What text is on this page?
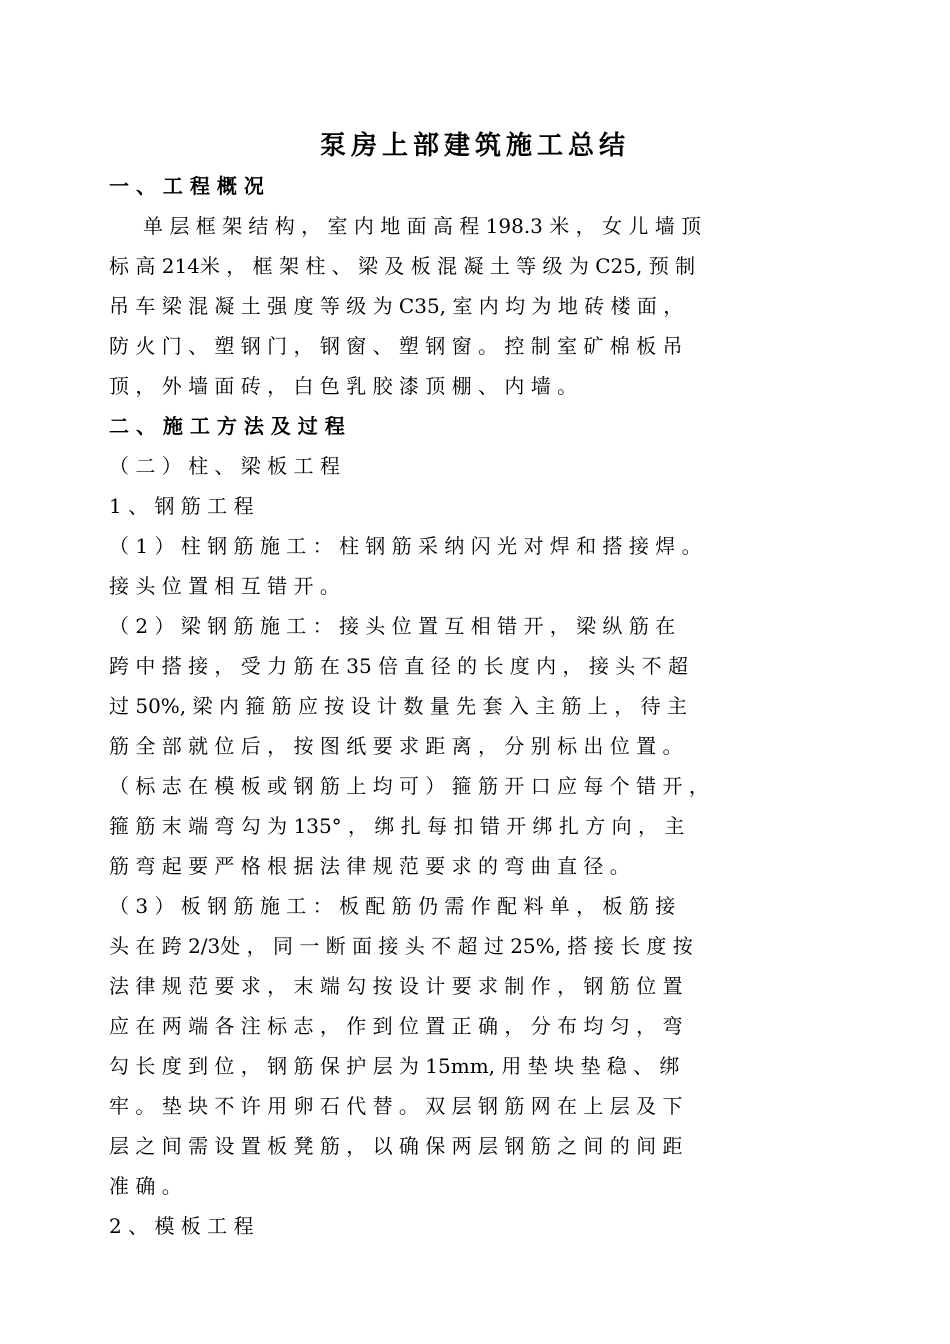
泵房上部建筑施工总结
一 、 工 程 概 况
单 层 框 架 结 构 ， 室 内 地 面 高 程 198.3 米 ， 女 儿 墙 顶
标 高 214米 ， 框 架 柱 、 梁 及 板 混 凝 土 等 级 为 C25, 预 制
吊 车 梁 混 凝 土 强 度 等 级 为 C35, 室 内 均 为 地 砖 楼 面 ，
防 火 门 、 塑 钢 门 ， 钢 窗 、 塑 钢 窗 。 控 制 室 矿 棉 板 吊
顶 ， 外 墙 面 砖 ， 白 色 乳 胶 漆 顶 棚 、 内 墙 。
二 、 施 工 方 法 及 过 程
（ 二 ） 柱 、 梁 板 工 程
1 、 钢 筋 工 程
（ 1 ） 柱 钢 筋 施 工 ： 柱 钢 筋 采 纳 闪 光 对 焊 和 搭 接 焊 。
接 头 位 置 相 互 错 开 。
（ 2 ） 梁 钢 筋 施 工 ： 接 头 位 置 互 相 错 开 ， 梁 纵 筋 在
跨 中 搭 接 ， 受 力 筋 在 35 倍 直 径 的 长 度 内 ， 接 头 不 超
过 50%, 梁 内 箍 筋 应 按 设 计 数 量 先 套 入 主 筋 上 ， 待 主
筋 全 部 就 位 后 ， 按 图 纸 要 求 距 离 ， 分 别 标 出 位 置 。
（ 标 志 在 模 板 或 钢 筋 上 均 可 ） 箍 筋 开 口 应 每 个 错 开 ，
箍 筋 末 端 弯 勾 为 135° ， 绑 扎 每 扣 错 开 绑 扎 方 向 ， 主
筋 弯 起 要 严 格 根 据 法 律 规 范 要 求 的 弯 曲 直 径 。
（ 3 ） 板 钢 筋 施 工 ： 板 配 筋 仍 需 作 配 料 单 ， 板 筋 接
头 在 跨 2/3处 ， 同 一 断 面 接 头 不 超 过 25%, 搭 接 长 度 按
法 律 规 范 要 求 ， 末 端 勾 按 设 计 要 求 制 作 ， 钢 筋 位 置
应 在 两 端 各 注 标 志 ， 作 到 位 置 正 确 ， 分 布 均 匀 ， 弯
勾 长 度 到 位 ， 钢 筋 保 护 层 为 15mm, 用 垫 块 垫 稳 、 绑
牢 。 垫 块 不 许 用 卵 石 代 替 。 双 层 钢 筋 网 在 上 层 及 下
层 之 间 需 设 置 板 凳 筋 ， 以 确 保 两 层 钢 筋 之 间 的 间 距
准 确 。
2 、 模 板 工 程
